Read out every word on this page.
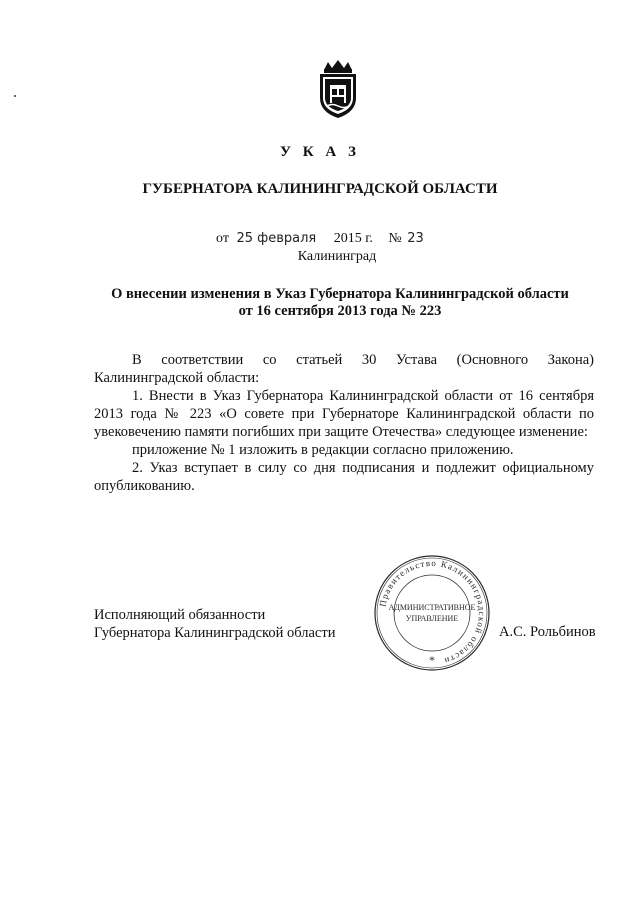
У К А З
ГУБЕРНАТОРА КАЛИНИНГРАДСКОЙ ОБЛАСТИ
от 25 февраля 2015 г. № 23
Калининград
О внесении изменения в Указ Губернатора Калининградской области
от 16 сентября 2013 года № 223

В соответствии со статьей 30 Устава (Основного Закона) Калининградской области:

1. Внести в Указ Губернатора Калининградской области от 16 сентября 2013 года № 223 «О совете при Губернаторе Калининградской области по увековечению памяти погибших при защите Отечества» следующее изменение:

приложение № 1 изложить в редакции согласно приложению.

2. Указ вступает в силу со дня подписания и подлежит официальному опубликованию.

Исполняющий обязанности
Губернатора Калининградской области
Правительство Калининградской области
АДМИНИСТРАТИВНОЕ
УПРАВЛЕНИЕ
*
А.С. Рольбинов
